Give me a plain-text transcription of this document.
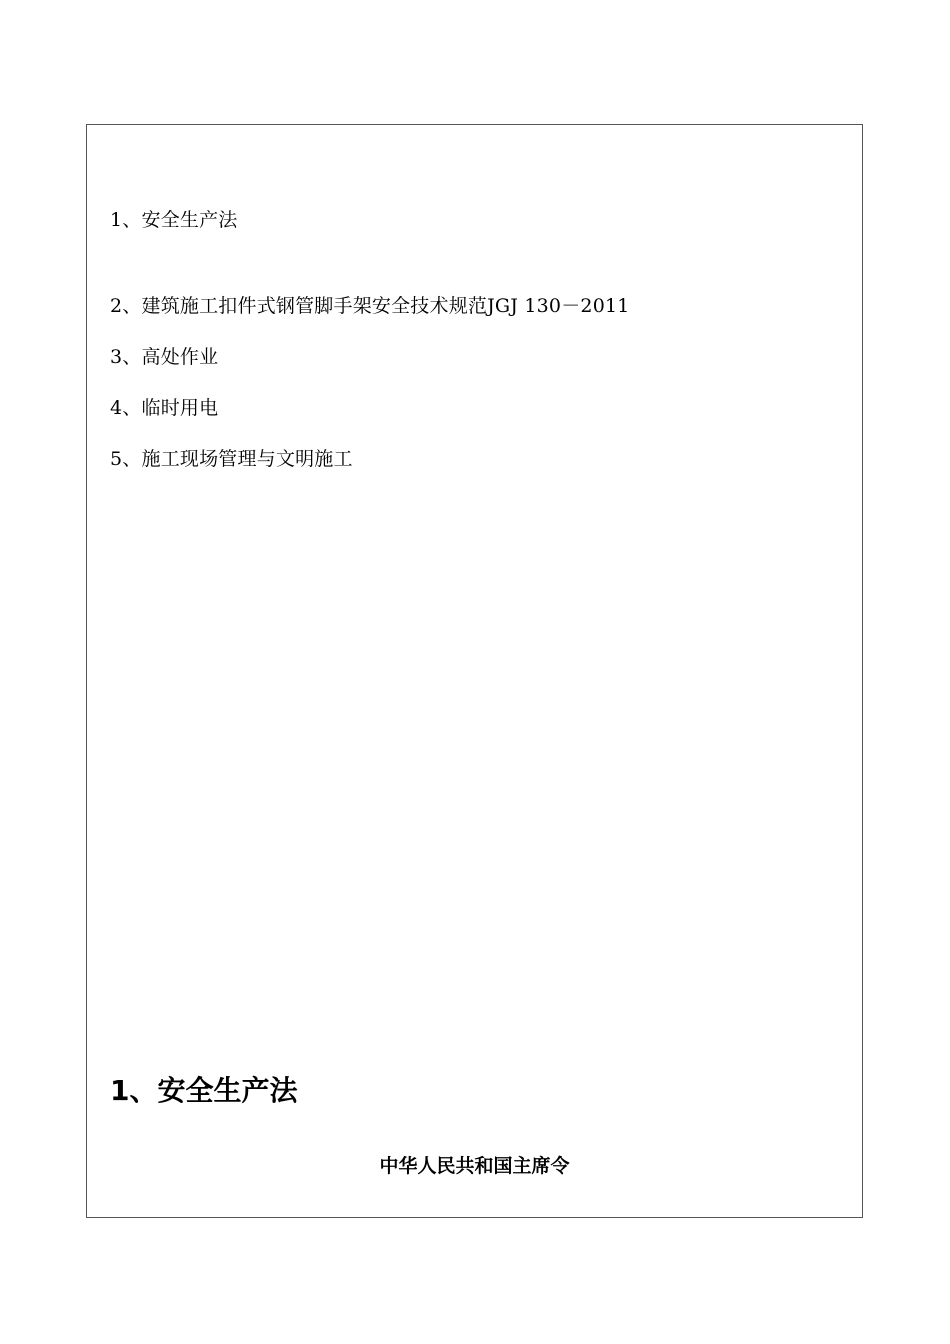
1、安全生产法
2、建筑施工扣件式钢管脚手架安全技术规范JGJ 130－2011
3、高处作业
4、临时用电
5、施工现场管理与文明施工
1、安全生产法
中华人民共和国主席令
